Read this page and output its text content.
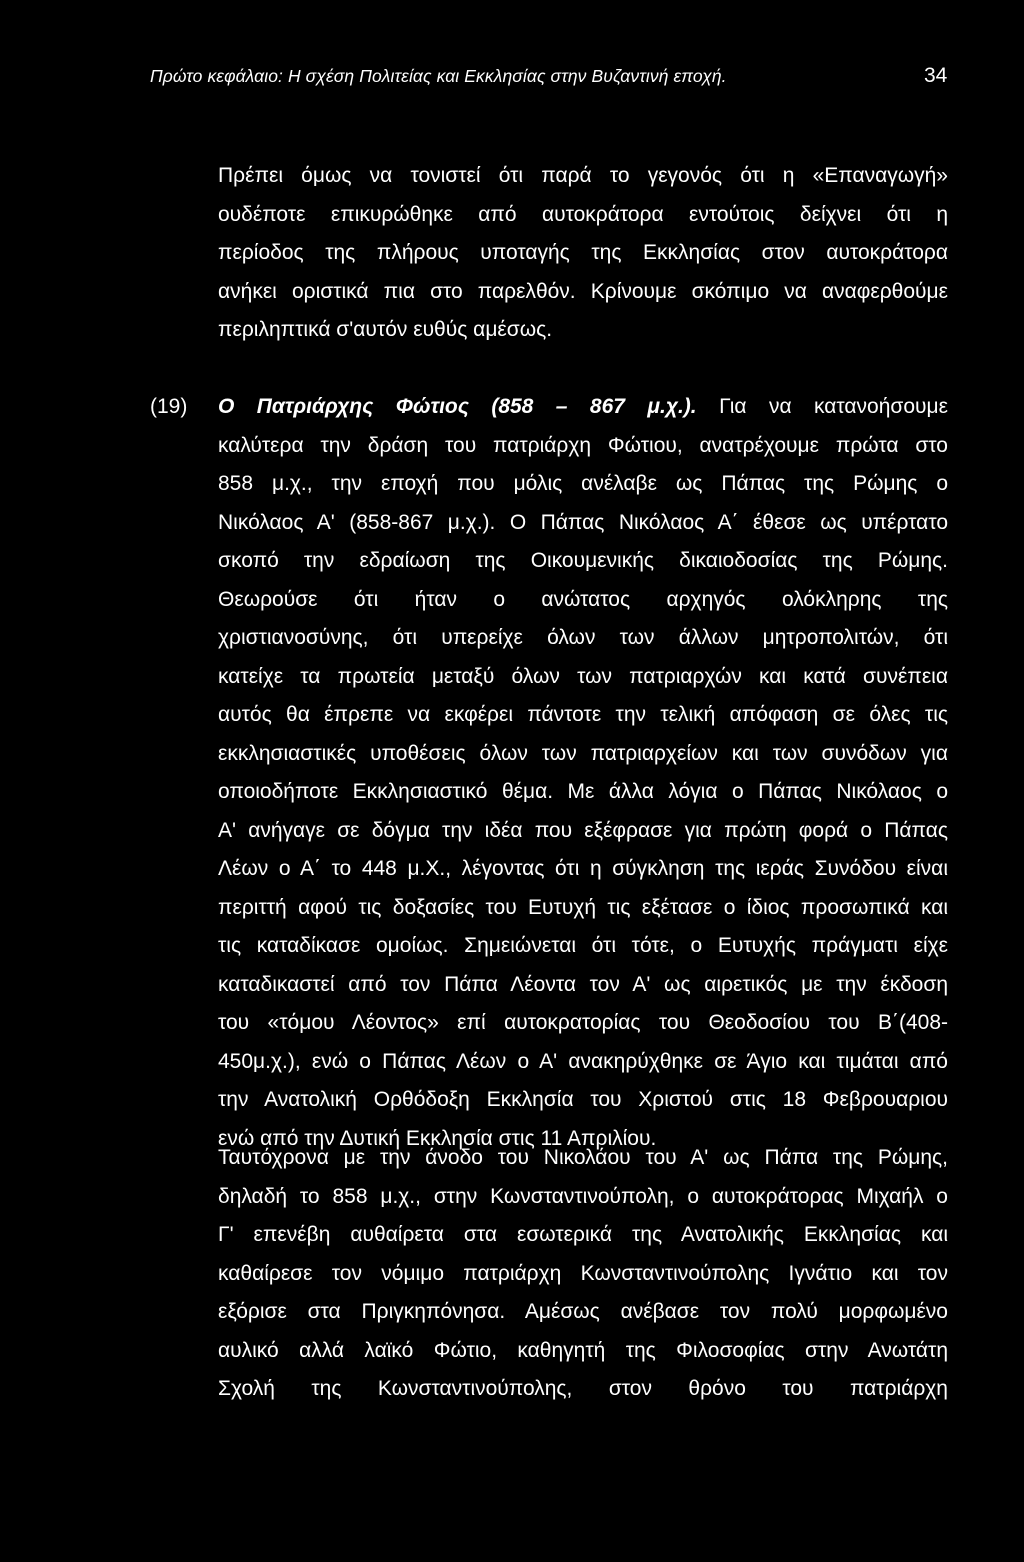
Πρώτο κεφάλαιο: Η σχέση Πολιτείας και Εκκλησίας στην Βυζαντινή εποχή.	34
Πρέπει όμως να τονιστεί ότι παρά το γεγονός ότι η «Επαναγωγή»
ουδέποτε επικυρώθηκε από αυτοκράτορα εντούτοις δείχνει ότι η
περίοδος της πλήρους υποταγής της Εκκλησίας στον αυτοκράτορα
ανήκει οριστικά πια στο παρελθόν. Κρίνουμε σκόπιμο να αναφερθούμε
περιληπτικά σ'αυτόν ευθύς αμέσως.
(19) Ο Πατριάρχης Φώτιος (858 – 867 μ.χ.). Για να κατανοήσουμε
καλύτερα την δράση του πατριάρχη Φώτιου, ανατρέχουμε πρώτα στο
858 μ.χ., την εποχή που μόλις ανέλαβε ως Πάπας της Ρώμης ο
Νικόλαος Α' (858-867 μ.χ.). Ο Πάπας Νικόλαος Α΄ έθεσε ως υπέρτατο
σκοπό την εδραίωση της Οικουμενικής δικαιοδοσίας της Ρώμης.
Θεωρούσε ότι ήταν ο ανώτατος αρχηγός ολόκληρης της
χριστιανοσύνης, ότι υπερείχε όλων των άλλων μητροπολιτών, ότι
κατείχε τα πρωτεία μεταξύ όλων των πατριαρχών και κατά συνέπεια
αυτός θα έπρεπε να εκφέρει πάντοτε την τελική απόφαση σε όλες τις
εκκλησιαστικές υποθέσεις όλων των πατριαρχείων και των συνόδων για
οποιοδήποτε Εκκλησιαστικό θέμα. Με άλλα λόγια ο Πάπας Νικόλαος ο
Α' ανήγαγε σε δόγμα την ιδέα που εξέφρασε για πρώτη φορά ο Πάπας
Λέων ο Α΄ το 448 μ.Χ., λέγοντας ότι η σύγκληση της ιεράς Συνόδου είναι
περιττή αφού τις δοξασίες του Ευτυχή τις εξέτασε ο ίδιος προσωπικά και
τις καταδίκασε ομοίως. Σημειώνεται ότι τότε, ο Ευτυχής πράγματι είχε
καταδικαστεί από τον Πάπα Λέοντα τον Α' ως αιρετικός με την έκδοση
του «τόμου Λέοντος» επί αυτοκρατορίας του Θεοδοσίου του Β΄(408-
450μ.χ.), ενώ ο Πάπας Λέων ο Α' ανακηρύχθηκε σε Άγιο και τιμάται από
την Ανατολική Ορθόδοξη Εκκλησία του Χριστού στις 18 Φεβρουαριου
ενώ από την Δυτική Εκκλησία στις 11 Απριλίου.
Ταυτόχρονα με την άνοδο του Νικολάου του Α' ως Πάπα της Ρώμης,
δηλαδή το 858 μ.χ., στην Κωνσταντινούπολη, ο αυτοκράτορας Μιχαήλ ο
Γ' επενέβη αυθαίρετα στα εσωτερικά της Ανατολικής Εκκλησίας και
καθαίρεσε τον νόμιμο πατριάρχη Κωνσταντινούπολης Ιγνάτιο και τον
εξόρισε στα Πριγκηπόνησα. Αμέσως ανέβασε τον πολύ μορφωμένο
αυλικό αλλά λαϊκό Φώτιο, καθηγητή της Φιλοσοφίας στην Ανωτάτη
Σχολή της Κωνσταντινούπολης, στον θρόνο του πατριάρχη
